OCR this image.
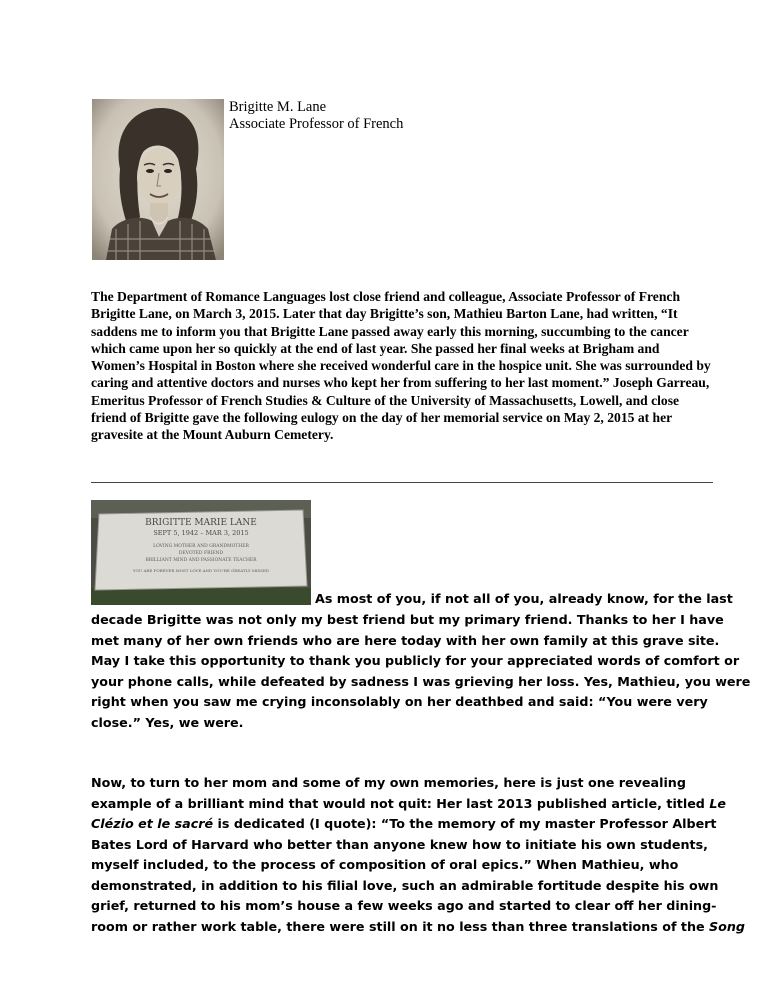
Brigitte M. Lane
Associate Professor of French
The Department of Romance Languages lost close friend and colleague, Associate Professor of French Brigitte Lane, on March 3, 2015. Later that day Brigitte’s son, Mathieu Barton Lane, had written, “It saddens me to inform you that Brigitte Lane passed away early this morning, succumbing to the cancer which came upon her so quickly at the end of last year. She passed her final weeks at Brigham and Women’s Hospital in Boston where she received wonderful care in the hospice unit. She was surrounded by caring and attentive doctors and nurses who kept her from suffering to her last moment.” Joseph Garreau, Emeritus Professor of French Studies & Culture of the University of Massachusetts, Lowell, and close friend of Brigitte gave the following eulogy on the day of her memorial service on May 2, 2015 at her gravesite at the Mount Auburn Cemetery.
BRIGITTE MARIE LANE
SEPT 5, 1942 – MAR 3, 2015
LOVING MOTHER AND GRANDMOTHER
DEVOTED FRIEND
BRILLIANT MIND AND PASSIONATE TEACHER
YOU ARE FOREVER MOST LOVE AND YOU'RE GREATLY MISSED
As most of you, if not all of you, already know, for the last
decade Brigitte was not only my best friend but my primary friend. Thanks to her I have
met many of her own friends who are here today with her own family at this grave site.
May I take this opportunity to thank you publicly for your appreciated words of comfort or
your phone calls, while defeated by sadness I was grieving her loss. Yes, Mathieu, you were
right when you saw me crying inconsolably on her deathbed and said: “You were very
close.” Yes, we were.
Now, to turn to her mom and some of my own memories, here is just one revealing
example of a brilliant mind that would not quit: Her last 2013 published article, titled Le
Clézio et le sacré is dedicated (I quote): “To the memory of my master Professor Albert
Bates Lord of Harvard who better than anyone knew how to initiate his own students,
myself included, to the process of composition of oral epics.” When Mathieu, who
demonstrated, in addition to his filial love, such an admirable fortitude despite his own
grief, returned to his mom’s house a few weeks ago and started to clear off her dining-
room or rather work table, there were still on it no less than three translations of the Song
